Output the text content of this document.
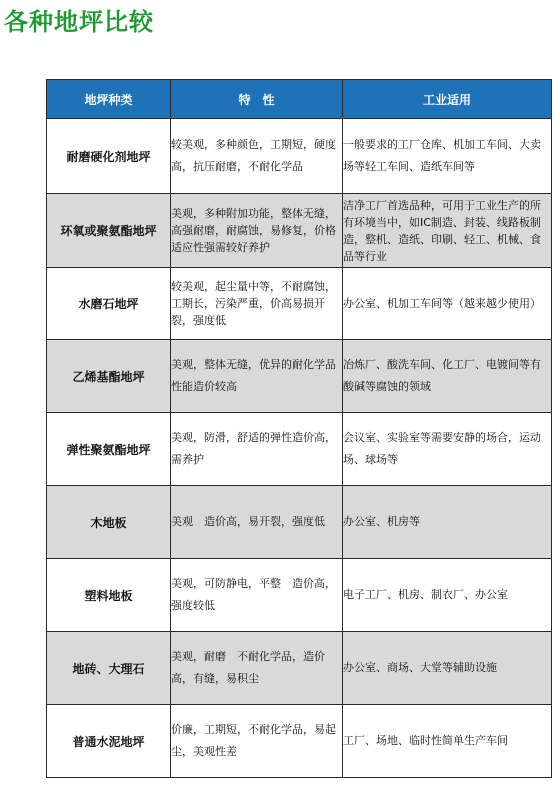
各种地坪比较
地坪种类	特　性	工业适用
耐磨硬化剂地坪	较美观，多种颜色，工期短，硬度高，抗压耐磨，不耐化学品	一般要求的工厂仓库、机加工车间、大卖场等轻工车间、造纸车间等
环氧或聚氨酯地坪	美观，多种附加功能，整体无缝，高强耐磨，耐腐蚀，易修复，价格适应性强需较好养护	洁净工厂首选品种，可用于工业生产的所有环境当中，如IC制造、封装、线路板制造，整机、造纸、印刷、轻工、机械、食品等行业
水磨石地坪	较美观，起尘量中等，不耐腐蚀，工期长，污染严重，价高易损开裂，强度低	办公室、机加工车间等（越来越少使用）
乙烯基酯地坪	美观，整体无缝，优异的耐化学品性能造价较高	冶炼厂、酸洗车间、化工厂、电镀间等有酸碱等腐蚀的领域
弹性聚氨酯地坪	美观，防滑，舒适的弹性造价高，需养护	会议室、实验室等需要安静的场合，运动场、球场等
木地板	美观　造价高，易开裂，强度低	办公室、机房等
塑料地板	美观，可防静电，平整　造价高，强度较低	电子工厂、机房、制衣厂、办公室
地砖、大理石	美观，耐磨　不耐化学品，造价高，有缝，易积尘	办公室、商场、大堂等辅助设施
普通水泥地坪	价廉，工期短，不耐化学品，易起尘，美观性差	工厂、场地、临时性简单生产车间
